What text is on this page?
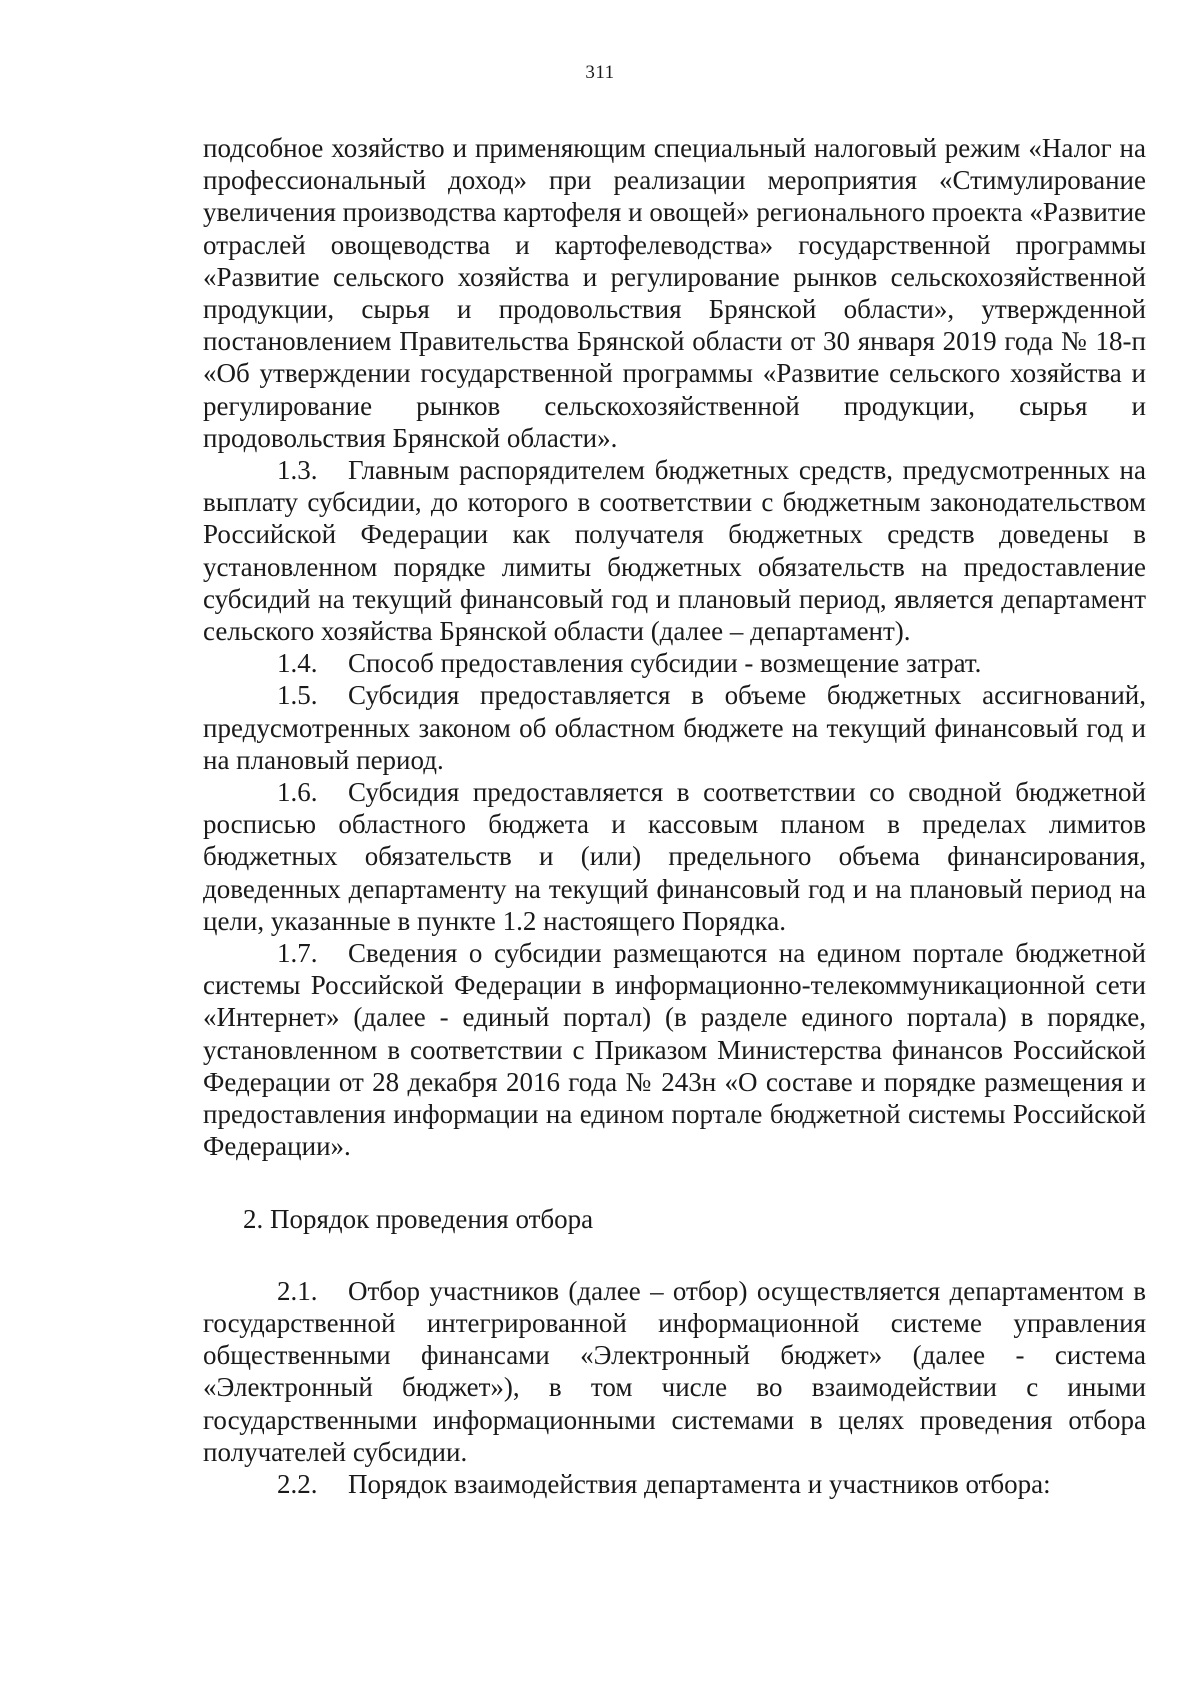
311

подсобное хозяйство и применяющим специальный налоговый режим «Налог на профессиональный доход» при реализации мероприятия «Стимулирование увеличения производства картофеля и овощей» регионального проекта «Развитие отраслей овощеводства и картофелеводства» государственной программы «Развитие сельского хозяйства и регулирование рынков сельскохозяйственной продукции, сырья и продовольствия Брянской области», утвержденной постановлением Правительства Брянской области от 30 января 2019 года № 18-п «Об утверждении государственной программы «Развитие сельского хозяйства и регулирование рынков сельскохозяйственной продукции, сырья и продовольствия Брянской области».

1.3. Главным распорядителем бюджетных средств, предусмотренных на выплату субсидии, до которого в соответствии с бюджетным законодательством Российской Федерации как получателя бюджетных средств доведены в установленном порядке лимиты бюджетных обязательств на предоставление субсидий на текущий финансовый год и плановый период, является департамент сельского хозяйства Брянской области (далее – департамент).

1.4. Способ предоставления субсидии - возмещение затрат.

1.5. Субсидия предоставляется в объеме бюджетных ассигнований, предусмотренных законом об областном бюджете на текущий финансовый год и на плановый период.

1.6. Субсидия предоставляется в соответствии со сводной бюджетной росписью областного бюджета и кассовым планом в пределах лимитов бюджетных обязательств и (или) предельного объема финансирования, доведенных департаменту на текущий финансовый год и на плановый период на цели, указанные в пункте 1.2 настоящего Порядка.

1.7. Сведения о субсидии размещаются на едином портале бюджетной системы Российской Федерации в информационно-телекоммуникационной сети «Интернет» (далее - единый портал) (в разделе единого портала) в порядке, установленном в соответствии с Приказом Министерства финансов Российской Федерации от 28 декабря 2016 года № 243н «О составе и порядке размещения и предоставления информации на едином портале бюджетной системы Российской Федерации».

2. Порядок проведения отбора

2.1. Отбор участников (далее – отбор) осуществляется департаментом в государственной интегрированной информационной системе управления общественными финансами «Электронный бюджет» (далее - система «Электронный бюджет»), в том числе во взаимодействии с иными государственными информационными системами в целях проведения отбора получателей субсидии.

2.2. Порядок взаимодействия департамента и участников отбора:
